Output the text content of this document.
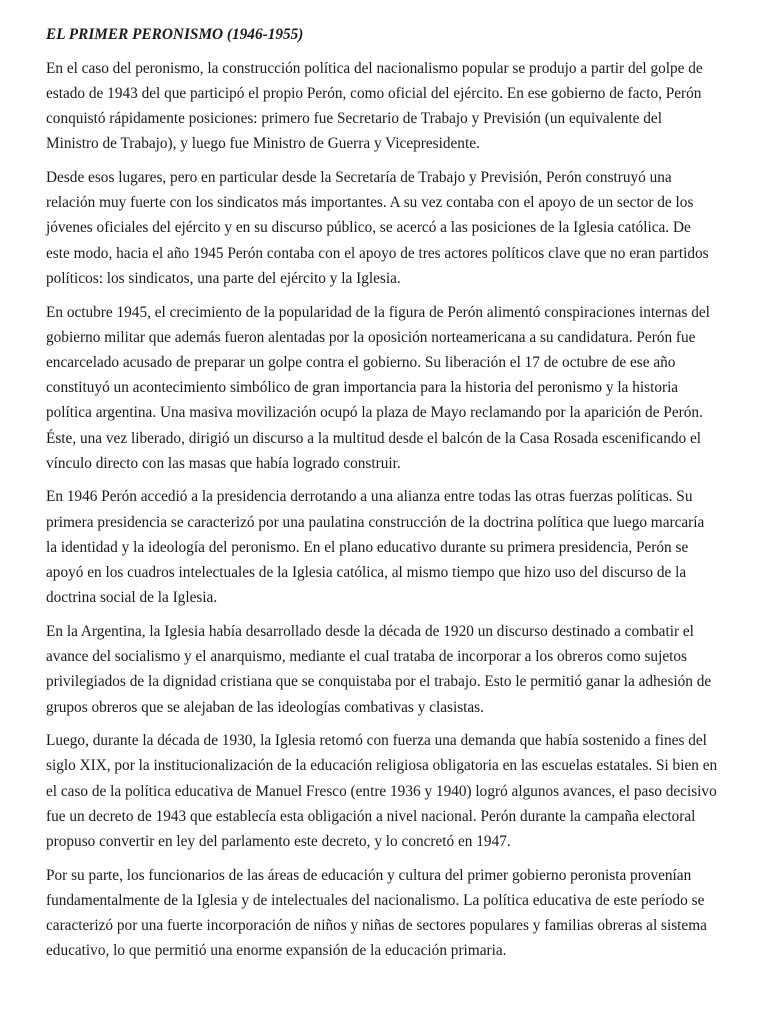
EL PRIMER PERONISMO (1946-1955)

En el caso del peronismo, la construcción política del nacionalismo popular se produjo a partir del golpe de estado de 1943 del que participó el propio Perón, como oficial del ejército. En ese gobierno de facto, Perón conquistó rápidamente posiciones: primero fue Secretario de Trabajo y Previsión (un equivalente del Ministro de Trabajo), y luego fue Ministro de Guerra y Vicepresidente.

Desde esos lugares, pero en particular desde la Secretaría de Trabajo y Previsión, Perón construyó una relación muy fuerte con los sindicatos más importantes. A su vez contaba con el apoyo de un sector de los jóvenes oficiales del ejército y en su discurso público, se acercó a las posiciones de la Iglesia católica. De este modo, hacia el año 1945 Perón contaba con el apoyo de tres actores políticos clave que no eran partidos políticos: los sindicatos, una parte del ejército y la Iglesia.

En octubre 1945, el crecimiento de la popularidad de la figura de Perón alimentó conspiraciones internas del gobierno militar que además fueron alentadas por la oposición norteamericana a su candidatura. Perón fue encarcelado acusado de preparar un golpe contra el gobierno. Su liberación el 17 de octubre de ese año constituyó un acontecimiento simbólico de gran importancia para la historia del peronismo y la historia política argentina. Una masiva movilización ocupó la plaza de Mayo reclamando por la aparición de Perón. Éste, una vez liberado, dirigió un discurso a la multitud desde el balcón de la Casa Rosada escenificando el vínculo directo con las masas que había logrado construir.

En 1946 Perón accedió a la presidencia derrotando a una alianza entre todas las otras fuerzas políticas. Su primera presidencia se caracterizó por una paulatina construcción de la doctrina política que luego marcaría la identidad y la ideología del peronismo. En el plano educativo durante su primera presidencia, Perón se apoyó en los cuadros intelectuales de la Iglesia católica, al mismo tiempo que hizo uso del discurso de la doctrina social de la Iglesia.

En la Argentina, la Iglesia había desarrollado desde la década de 1920 un discurso destinado a combatir el avance del socialismo y el anarquismo, mediante el cual trataba de incorporar a los obreros como sujetos privilegiados de la dignidad cristiana que se conquistaba por el trabajo. Esto le permitió ganar la adhesión de grupos obreros que se alejaban de las ideologías combativas y clasistas.

Luego, durante la década de 1930, la Iglesia retomó con fuerza una demanda que había sostenido a fines del siglo XIX, por la institucionalización de la educación religiosa obligatoria en las escuelas estatales. Si bien en el caso de la política educativa de Manuel Fresco (entre 1936 y 1940) logró algunos avances, el paso decisivo fue un decreto de 1943 que establecía esta obligación a nivel nacional. Perón durante la campaña electoral propuso convertir en ley del parlamento este decreto, y lo concretó en 1947.

Por su parte, los funcionarios de las áreas de educación y cultura del primer gobierno peronista provenían fundamentalmente de la Iglesia y de intelectuales del nacionalismo. La política educativa de este período se caracterizó por una fuerte incorporación de niños y niñas de sectores populares y familias obreras al sistema educativo, lo que permitió una enorme expansión de la educación primaria.
